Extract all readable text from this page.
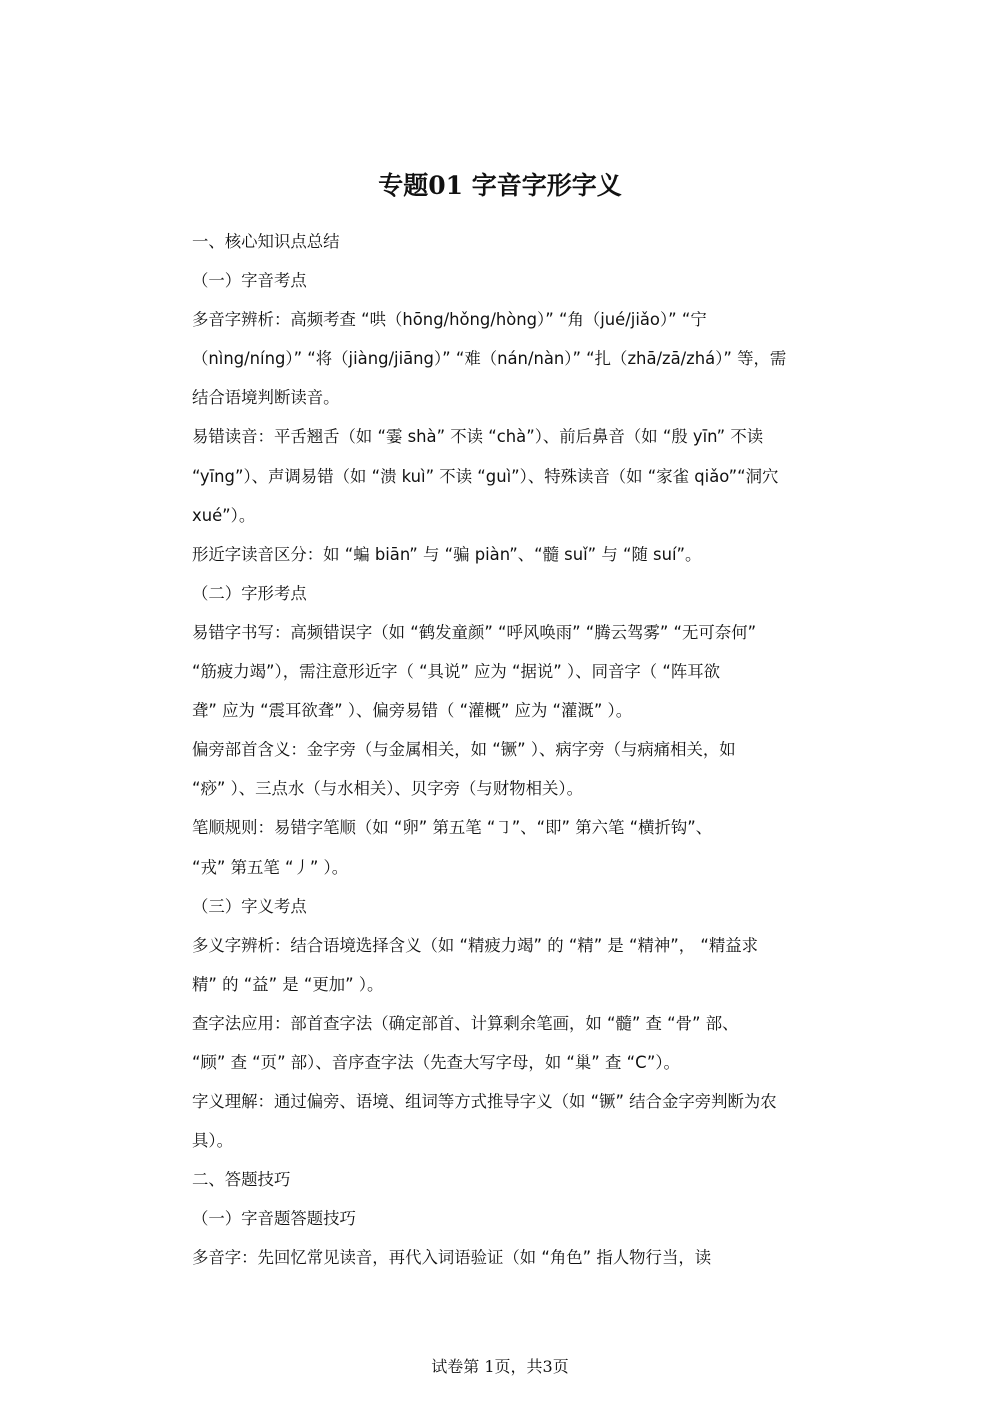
专题01 字音字形字义
一、核心知识点总结
（一）字音考点
多音字辨析：高频考查 “哄（hōng/hǒng/hòng）” “角（jué/jiǎo）” “宁
（nìng/níng）” “将（jiàng/jiāng）” “难（nán/nàn）” “扎（zhā/zā/zhá）” 等，需
结合语境判断读音。
易错读音：平舌翘舌（如 “霎 shà” 不读 “chà”）、前后鼻音（如 “殷 yīn” 不读
“yīng”）、声调易错（如 “溃 kuì” 不读 “guì”）、特殊读音（如 “家雀 qiǎo”“洞穴
xué”）。
形近字读音区分：如 “蝙 biān” 与 “骗 piàn”、“髓 suǐ” 与 “随 suí”。
（二）字形考点
易错字书写：高频错误字（如 “鹤发童颜” “呼风唤雨” “腾云驾雾” “无可奈何”
“筋疲力竭”），需注意形近字（ “具说” 应为 “据说” ）、同音字（ “阵耳欲
聋” 应为 “震耳欲聋” ）、偏旁易错（ “灌概” 应为 “灌溉” ）。
偏旁部首含义：金字旁（与金属相关，如 “镢” ）、病字旁（与病痛相关，如
“痧” ）、三点水（与水相关）、贝字旁（与财物相关）。
笔顺规则：易错字笔顺（如 “卵” 第五笔 “㇆”、“即” 第六笔 “横折钩”、
“戎” 第五笔 “丿” ）。
（三）字义考点
多义字辨析：结合语境选择含义（如 “精疲力竭” 的 “精” 是 “精神”， “精益求
精” 的 “益” 是 “更加” ）。
查字法应用：部首查字法（确定部首、计算剩余笔画，如 “髓” 查 “骨” 部、
“顾” 查 “页” 部）、音序查字法（先查大写字母，如 “巢” 查 “C”）。
字义理解：通过偏旁、语境、组词等方式推导字义（如 “镢” 结合金字旁判断为农
具）。
二、答题技巧
（一）字音题答题技巧
多音字：先回忆常见读音，再代入词语验证（如 “角色” 指人物行当，读
试卷第 1页，共3页
